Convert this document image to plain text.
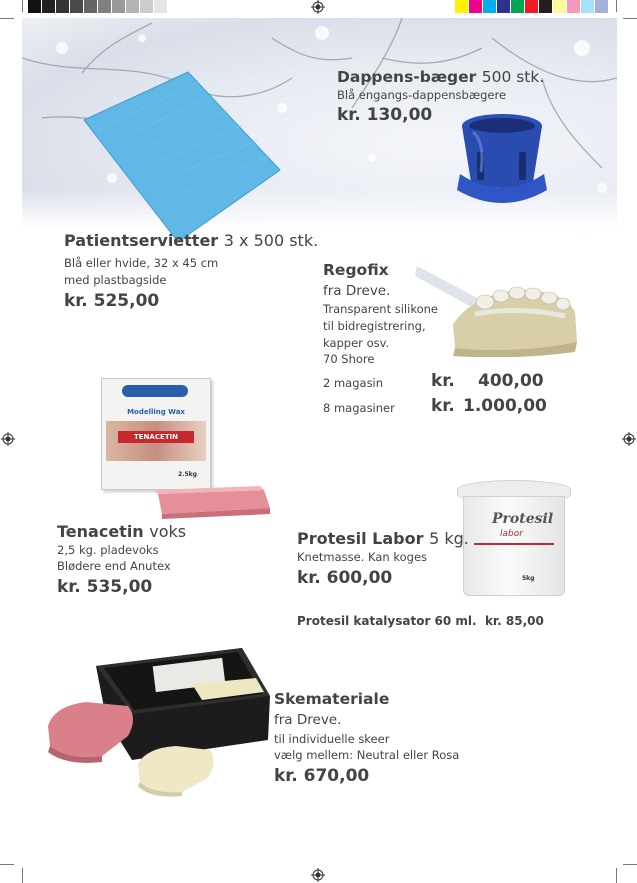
Dappens-bæger 500 stk.
Blå engangs-dappensbægere
kr. 130,00
Patientservietter 3 x 500 stk.
Blå eller hvide, 32 x 45 cm
med plastbagside
kr. 525,00
Regofix
fra Dreve.
Transparent silikone
til bidregistrering,
kapper osv.
70 Shore
2 magasin	kr. 400,00
8 magasiner kr. 1.000,00
Modelling Wax
TENACETIN
2.5kg
Tenacetin voks
2,5 kg. pladevoks
Blødere end Anutex
kr. 535,00
Protesil
labor
5kg
Protesil Labor 5 kg.
Knetmasse. Kan koges
kr. 600,00
Protesil katalysator 60 ml.  kr. 85,00
Skemateriale
fra Dreve.
til individuelle skeer
vælg mellem: Neutral eller Rosa
kr. 670,00
